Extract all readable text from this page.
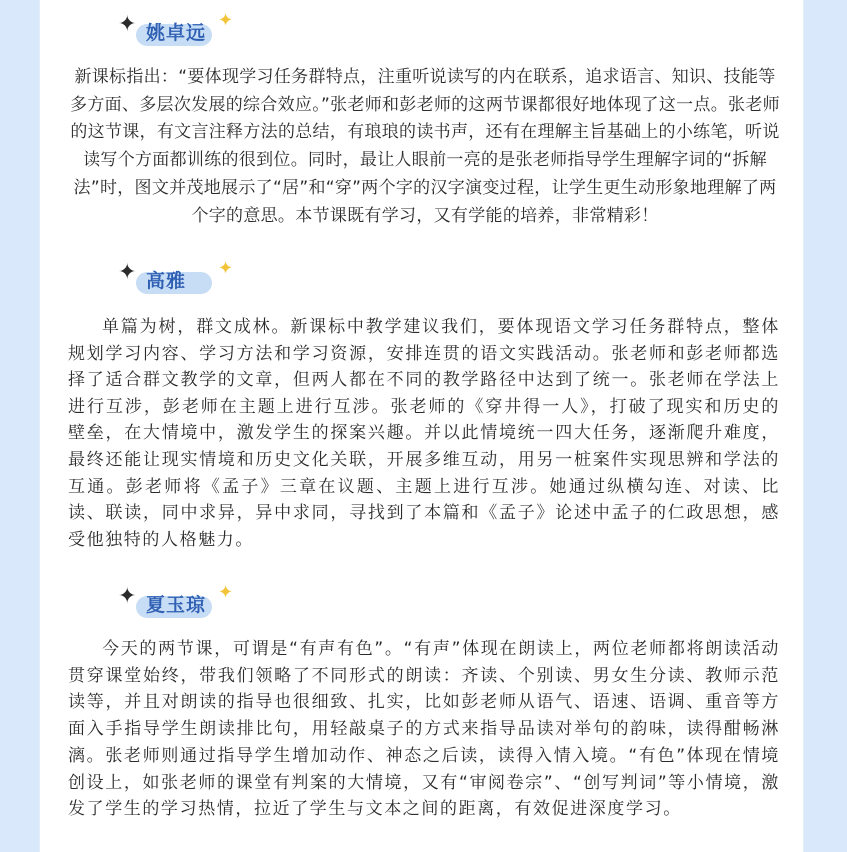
✦ 姚卓远
✦

新课标指出：“要体现学习任务群特点，注重听说读写的内在联系，追求语言、知识、技能等多方面、多层次发展的综合效应。”张老师和彭老师的这两节课都很好地体现了这一点。张老师的这节课，有文言注释方法的总结，有琅琅的读书声，还有在理解主旨基础上的小练笔，听说读写个方面都训练的很到位。同时，最让人眼前一亮的是张老师指导学生理解字词的“拆解法”时，图文并茂地展示了“居”和“穿”两个字的汉字演变过程，让学生更生动形象地理解了两个字的意思。本节课既有学习，又有学能的培养，非常精彩！

✦ 高雅
✦

单篇为树，群文成林。新课标中教学建议我们，要体现语文学习任务群特点，整体规划学习内容、学习方法和学习资源，安排连贯的语文实践活动。张老师和彭老师都选择了适合群文教学的文章，但两人都在不同的教学路径中达到了统一。张老师在学法上进行互涉，彭老师在主题上进行互涉。张老师的《穿井得一人》，打破了现实和历史的壁垒，在大情境中，激发学生的探案兴趣。并以此情境统一四大任务，逐渐爬升难度，最终还能让现实情境和历史文化关联，开展多维互动，用另一桩案件实现思辨和学法的互通。彭老师将《孟子》三章在议题、主题上进行互涉。她通过纵横勾连、对读、比读、联读，同中求异，异中求同，寻找到了本篇和《孟子》论述中孟子的仁政思想，感受他独特的人格魅力。

✦ 夏玉琼
✦

今天的两节课，可谓是“有声有色”。“有声”体现在朗读上，两位老师都将朗读活动贯穿课堂始终，带我们领略了不同形式的朗读：齐读、个别读、男女生分读、教师示范读等，并且对朗读的指导也很细致、扎实，比如彭老师从语气、语速、语调、重音等方面入手指导学生朗读排比句，用轻敲桌子的方式来指导品读对举句的韵味，读得酣畅淋漓。张老师则通过指导学生增加动作、神态之后读，读得入情入境。“有色”体现在情境创设上，如张老师的课堂有判案的大情境，又有“审阅卷宗”、“创写判词”等小情境，激发了学生的学习热情，拉近了学生与文本之间的距离，有效促进深度学习。
